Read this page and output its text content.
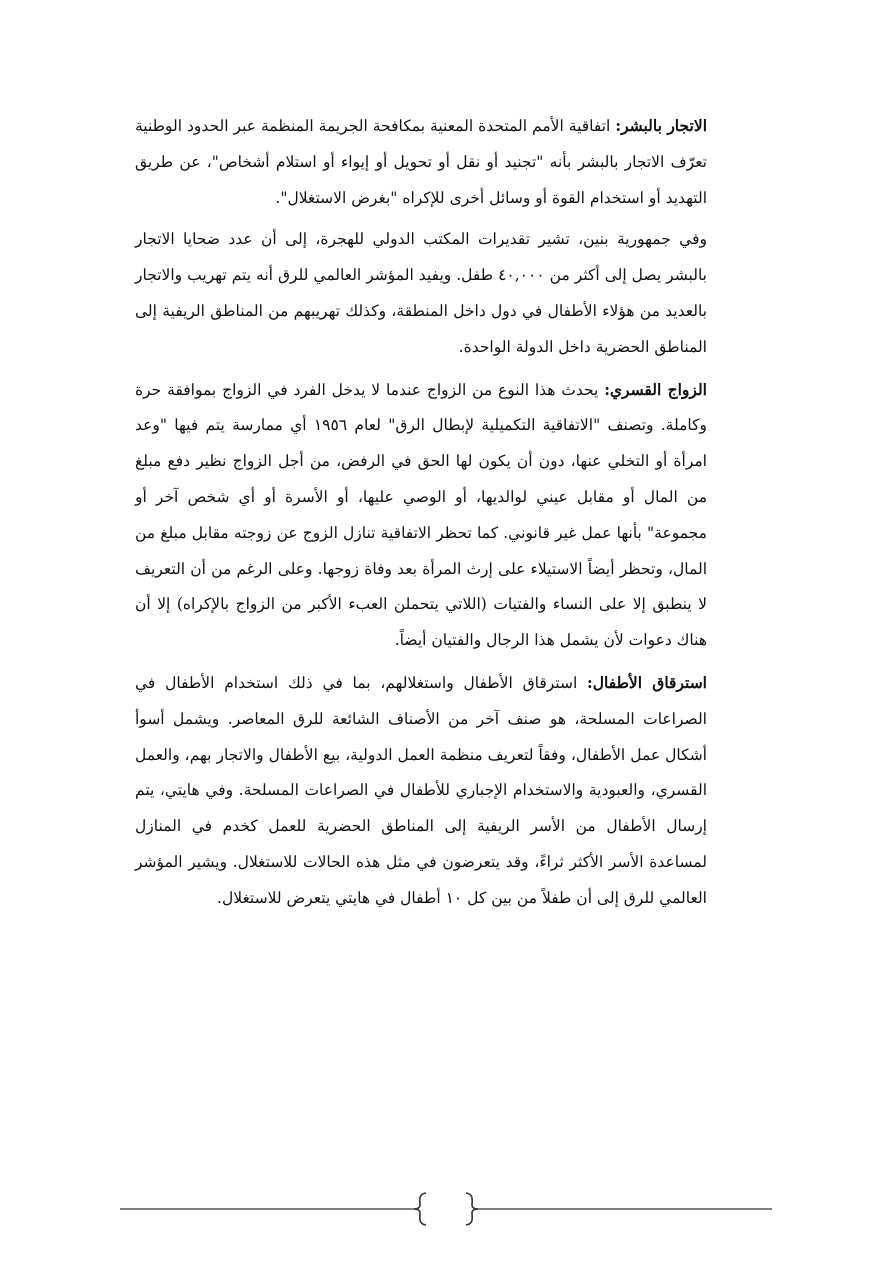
الاتجار بالبشر: اتفاقية الأمم المتحدة المعنية بمكافحة الجريمة المنظمة عبر الحدود الوطنية تعرّف الاتجار بالبشر بأنه "تجنيد أو نقل أو تحويل أو إيواء أو استلام أشخاص"، عن طريق التهديد أو استخدام القوة أو وسائل أخرى للإكراه "بغرض الاستغلال".

وفي جمهورية بنين، تشير تقديرات المكتب الدولي للهجرة، إلى أن عدد ضحايا الاتجار بالبشر يصل إلى أكثر من ٤٠,٠٠٠ طفل. ويفيد المؤشر العالمي للرق أنه يتم تهريب والاتجار بالعديد من هؤلاء الأطفال في دول داخل المنطقة، وكذلك تهريبهم من المناطق الريفية إلى المناطق الحضرية داخل الدولة الواحدة.

الزواج القسري: يحدث هذا النوع من الزواج عندما لا يدخل الفرد في الزواج بموافقة حرة وكاملة. وتصنف "الاتفاقية التكميلية لإبطال الرق" لعام ١٩٥٦ أي ممارسة يتم فيها "وعد امرأة أو التخلي عنها، دون أن يكون لها الحق في الرفض، من أجل الزواج نظير دفع مبلغ من المال أو مقابل عيني لوالديها، أو الوصي عليها، أو الأسرة أو أي شخص آخر أو مجموعة" بأنها عمل غير قانوني. كما تحظر الاتفاقية تنازل الزوج عن زوجته مقابل مبلغ من المال، وتحظر أيضاً الاستيلاء على إرث المرأة بعد وفاة زوجها. وعلى الرغم من أن التعريف لا ينطبق إلا على النساء والفتيات (اللاتي يتحملن العبء الأكبر من الزواج بالإكراه) إلا أن هناك دعوات لأن يشمل هذا الرجال والفتيان أيضاً.

استرقاق الأطفال: استرقاق الأطفال واستغلالهم، بما في ذلك استخدام الأطفال في الصراعات المسلحة، هو صنف آخر من الأصناف الشائعة للرق المعاصر. ويشمل أسوأ أشكال عمل الأطفال، وفقاً لتعريف منظمة العمل الدولية، بيع الأطفال والاتجار بهم، والعمل القسري، والعبودية والاستخدام الإجباري للأطفال في الصراعات المسلحة. وفي هايتي، يتم إرسال الأطفال من الأسر الريفية إلى المناطق الحضرية للعمل كخدم في المنازل لمساعدة الأسر الأكثر ثراءً، وقد يتعرضون في مثل هذه الحالات للاستغلال. ويشير المؤشر العالمي للرق إلى أن طفلاً من بين كل ١٠ أطفال في هايتي يتعرض للاستغلال.
